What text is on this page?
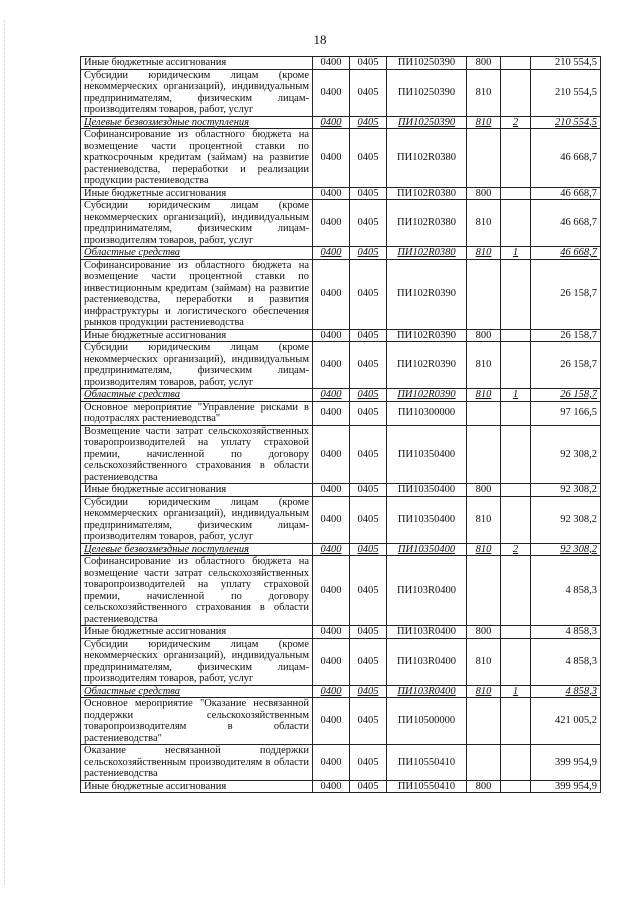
18
Иные бюджетные ассигнования	0400	0405	ПИ10250390	800		210 554,5
Субсидии юридическим лицам (кроме некоммерческих организаций), индивидуальным предпринимателям, физическим лицам-производителям товаров, работ, услуг	0400	0405	ПИ10250390	810		210 554,5
Целевые безвозмездные поступления	0400	0405	ПИ10250390	810	2	210 554,5
Софинансирование из областного бюджета на возмещение части процентной ставки по краткосрочным кредитам (займам) на развитие растениеводства, переработки и реализации продукции растениеводства	0400	0405	ПИ102R0380			46 668,7
Иные бюджетные ассигнования	0400	0405	ПИ102R0380	800		46 668,7
Субсидии юридическим лицам (кроме некоммерческих организаций), индивидуальным предпринимателям, физическим лицам-производителям товаров, работ, услуг	0400	0405	ПИ102R0380	810		46 668,7
Областные средства	0400	0405	ПИ102R0380	810	1	46 668,7
Софинансирование из областного бюджета на возмещение части процентной ставки по инвестиционным кредитам (займам) на развитие растениеводства, переработки и развития инфраструктуры и логистического обеспечения рынков продукции растениеводства	0400	0405	ПИ102R0390			26 158,7
Иные бюджетные ассигнования	0400	0405	ПИ102R0390	800		26 158,7
Субсидии юридическим лицам (кроме некоммерческих организаций), индивидуальным предпринимателям, физическим лицам-производителям товаров, работ, услуг	0400	0405	ПИ102R0390	810		26 158,7
Областные средства	0400	0405	ПИ102R0390	810	1	26 158,7
Основное мероприятие "Управление рисками в подотраслях растениеводства"	0400	0405	ПИ10300000			97 166,5
Возмещение части затрат сельскохозяйственных товаропроизводителей на уплату страховой премии, начисленной по договору сельскохозяйственного страхования в области растениеводства	0400	0405	ПИ10350400			92 308,2
Иные бюджетные ассигнования	0400	0405	ПИ10350400	800		92 308,2
Субсидии юридическим лицам (кроме некоммерческих организаций), индивидуальным предпринимателям, физическим лицам-производителям товаров, работ, услуг	0400	0405	ПИ10350400	810		92 308,2
Целевые безвозмездные поступления	0400	0405	ПИ10350400	810	2	92 308,2
Софинансирование из областного бюджета на возмещение части затрат сельскохозяйственных товаропроизводителей на уплату страховой премии, начисленной по договору сельскохозяйственного страхования в области растениеводства	0400	0405	ПИ103R0400			4 858,3
Иные бюджетные ассигнования	0400	0405	ПИ103R0400	800		4 858,3
Субсидии юридическим лицам (кроме некоммерческих организаций), индивидуальным предпринимателям, физическим лицам-производителям товаров, работ, услуг	0400	0405	ПИ103R0400	810		4 858,3
Областные средства	0400	0405	ПИ103R0400	810	1	4 858,3
Основное мероприятие "Оказание несвязанной поддержки сельскохозяйственным товаропроизводителям в области растениеводства"	0400	0405	ПИ10500000			421 005,2
Оказание несвязанной поддержки сельскохозяйственным производителям в области растениеводства	0400	0405	ПИ10550410			399 954,9
Иные бюджетные ассигнования	0400	0405	ПИ10550410	800		399 954,9
